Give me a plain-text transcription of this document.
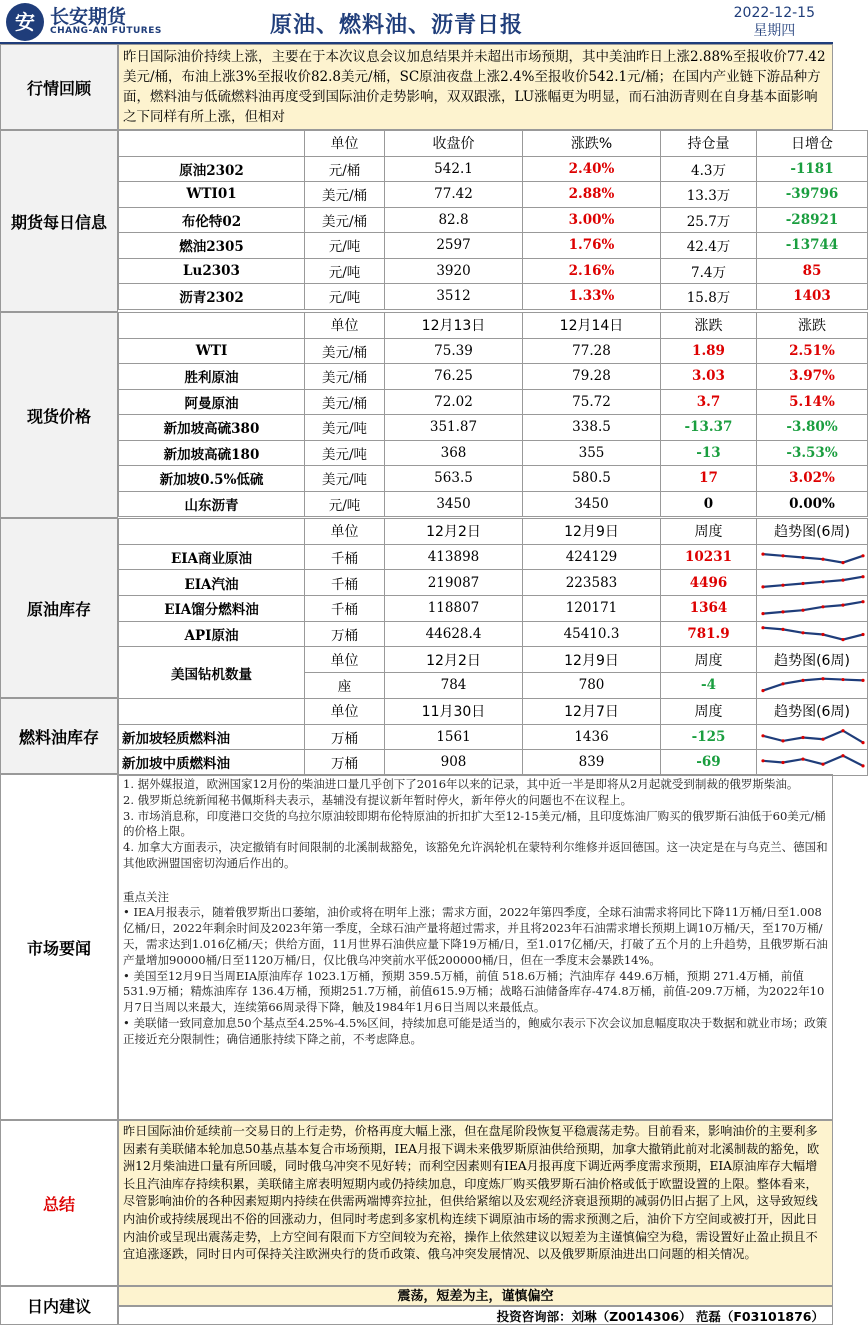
安 长安期货
CHANG-AN FUTURES	原油、燃料油、沥青日报	2022-12-15
星期四
行情回顾
昨日国际油价持续上涨，主要在于本次议息会议加息结果并未超出市场预期，其中美油昨日上涨2.88%至报收价77.42美元/桶，布油上涨3%至报收价82.8美元/桶，SC原油夜盘上涨2.4%至报收价542.1元/桶；在国内产业链下游品种方面，燃料油与低硫燃料油再度受到国际油价走势影响，双双跟涨，LU涨幅更为明显，而石油沥青则在自身基本面影响之下同样有所上涨，但相对
期货每日信息
	单位	收盘价	涨跌%	持仓量	日增仓
原油2302	元/桶	542.1	2.40%	4.3万	-1181
WTI01	美元/桶	77.42	2.88%	13.3万	-39796
布伦特02	美元/桶	82.8	3.00%	25.7万	-28921
燃油2305	元/吨	2597	1.76%	42.4万	-13744
Lu2303	元/吨	3920	2.16%	7.4万	85
沥青2302	元/吨	3512	1.33%	15.8万	1403
现货价格
	单位	12月13日	12月14日	涨跌	涨跌
WTI	美元/桶	75.39	77.28	1.89	2.51%
胜利原油	美元/桶	76.25	79.28	3.03	3.97%
阿曼原油	美元/桶	72.02	75.72	3.7	5.14%
新加坡高硫380	美元/吨	351.87	338.5	-13.37	-3.80%
新加坡高硫180	美元/吨	368	355	-13	-3.53%
新加坡0.5%低硫	美元/吨	563.5	580.5	17	3.02%
山东沥青	元/吨	3450	3450	0	0.00%
原油库存
	单位	12月2日	12月9日	周度	趋势图(6周)
EIA商业原油	千桶	413898	424129	10231	

EIA汽油	千桶	219087	223583	4496	

EIA馏分燃料油	千桶	118807	120171	1364	

API原油	万桶	44628.4	45410.3	781.9	

美国钻机数量	单位	12月2日	12月9日	周度	趋势图(6周)
	座	784	780	-4	
燃料油库存
	单位	11月30日	12月7日	周度	趋势图(6周)
新加坡轻质燃料油	万桶	1561	1436	-125	

新加坡中质燃料油	万桶	908	839	-69	
市场要闻
1. 据外媒报道，欧洲国家12月份的柴油进口量几乎创下了2016年以来的记录，其中近一半是即将从2月起就受到制裁的俄罗斯柴油。
2. 俄罗斯总统新闻秘书佩斯科夫表示，基辅没有提议新年暂时停火，新年停火的问题也不在议程上。
3. 市场消息称，印度港口交货的乌拉尔原油较即期布伦特原油的折扣扩大至12-15美元/桶，且印度炼油厂购买的俄罗斯石油低于60美元/桶的价格上限。
4. 加拿大方面表示，决定撤销有时间限制的北溪制裁豁免，该豁免允许涡轮机在蒙特利尔维修并返回德国。这一决定是在与乌克兰、德国和其他欧洲盟国密切沟通后作出的。

重点关注
• IEA月报表示，随着俄罗斯出口萎缩，油价或将在明年上涨；需求方面，2022年第四季度，全球石油需求将同比下降11万桶/日至1.008亿桶/日，2022年剩余时间及2023年第一季度，全球石油产量将超过需求，并且将2023年石油需求增长预期上调10万桶/天，至170万桶/天，需求达到1.016亿桶/天；供给方面，11月世界石油供应量下降19万桶/日，至1.017亿桶/天，打破了五个月的上升趋势，且俄罗斯石油产量增加90000桶/日至1120万桶/日，仅比俄乌冲突前水平低200000桶/日，但在一季度末会暴跌14%。
• 美国至12月9日当周EIA原油库存 1023.1万桶，预期 359.5万桶，前值 518.6万桶；汽油库存 449.6万桶，预期 271.4万桶，前值531.9万桶；精炼油库存 136.4万桶，预期251.7万桶，前值615.9万桶；战略石油储备库存-474.8万桶，前值-209.7万桶，为2022年10月7日当周以来最大，连续第66周录得下降，触及1984年1月6日当周以来最低点。
• 美联储一致同意加息50个基点至4.25%-4.5%区间，持续加息可能是适当的，鲍威尔表示下次会议加息幅度取决于数据和就业市场；政策正接近充分限制性；确信通胀持续下降之前，不考虑降息。
总结
昨日国际油价延续前一交易日的上行走势，价格再度大幅上涨，但在盘尾阶段恢复平稳震荡走势。目前看来，影响油价的主要利多因素有美联储本轮加息50基点基本复合市场预期，IEA月报下调未来俄罗斯原油供给预期，加拿大撤销此前对北溪制裁的豁免，欧洲12月柴油进口量有所回暖，同时俄乌冲突不见好转；而利空因素则有IEA月报再度下调近两季度需求预期，EIA原油库存大幅增长且汽油库存持续积累，美联储主席表明短期内或仍持续加息，印度炼厂购买俄罗斯石油价格或低于欧盟设置的上限。整体看来，尽管影响油价的各种因素短期内持续在供需两端博弈拉扯，但供给紧缩以及宏观经济衰退预期的减弱仍旧占据了上风，这导致短线内油价或持续展现出不俗的回涨动力，但同时考虑到多家机构连续下调原油市场的需求预测之后，油价下方空间或被打开，因此日内油价或呈现出震荡走势，上方空间有限而下方空间较为充裕，操作上依然建议以短差为主谨慎偏空为稳，需设置好止盈止损且不宜追涨逐跌，同时日内可保持关注欧洲央行的货币政策、俄乌冲突发展情况、以及俄罗斯原油进出口问题的相关情况。
日内建议
震荡，短差为主，谨慎偏空
投资咨询部：刘琳（Z0014306） 范磊（F03101876）
